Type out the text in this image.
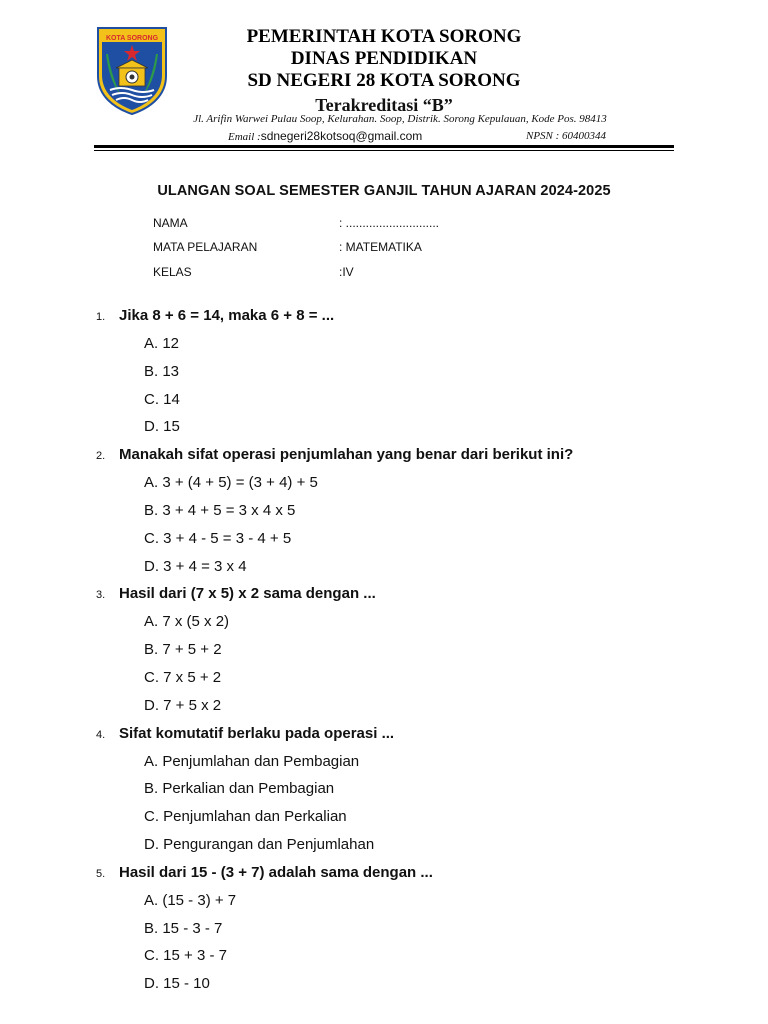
KOTA SORONG	PEMERINTAH KOTA SORONG
DINAS PENDIDIKAN
SD NEGERI 28 KOTA SORONG
Terakreditasi “B”
Jl. Arifin Warwei Pulau Soop, Kelurahan. Soop, Distrik. Sorong Kepulauan, Kode Pos. 98413
Email :sdnegeri28kotsoq@gmail.com	NPSN : 60400344
ULANGAN SOAL SEMESTER GANJIL TAHUN AJARAN 2024-2025
NAMA	: ............................
MATA PELAJARAN	: MATEMATIKA
KELAS	:IV
1. Jika 8 + 6 = 14, maka 6 + 8 = ...
A. 12
B. 13
C. 14
D. 15
2. Manakah sifat operasi penjumlahan yang benar dari berikut ini?
A. 3 + (4 + 5) = (3 + 4) + 5
B. 3 + 4 + 5 = 3 x 4 x 5
C. 3 + 4 - 5 = 3 - 4 + 5
D. 3 + 4 = 3 x 4
3. Hasil dari (7 x 5) x 2 sama dengan ...
A. 7 x (5 x 2)
B. 7 + 5 + 2
C. 7 x 5 + 2
D. 7 + 5 x 2
4. Sifat komutatif berlaku pada operasi ...
A. Penjumlahan dan Pembagian
B. Perkalian dan Pembagian
C. Penjumlahan dan Perkalian
D. Pengurangan dan Penjumlahan
5. Hasil dari 15 - (3 + 7) adalah sama dengan ...
A. (15 - 3) + 7
B. 15 - 3 - 7
C. 15 + 3 - 7
D. 15 - 10
